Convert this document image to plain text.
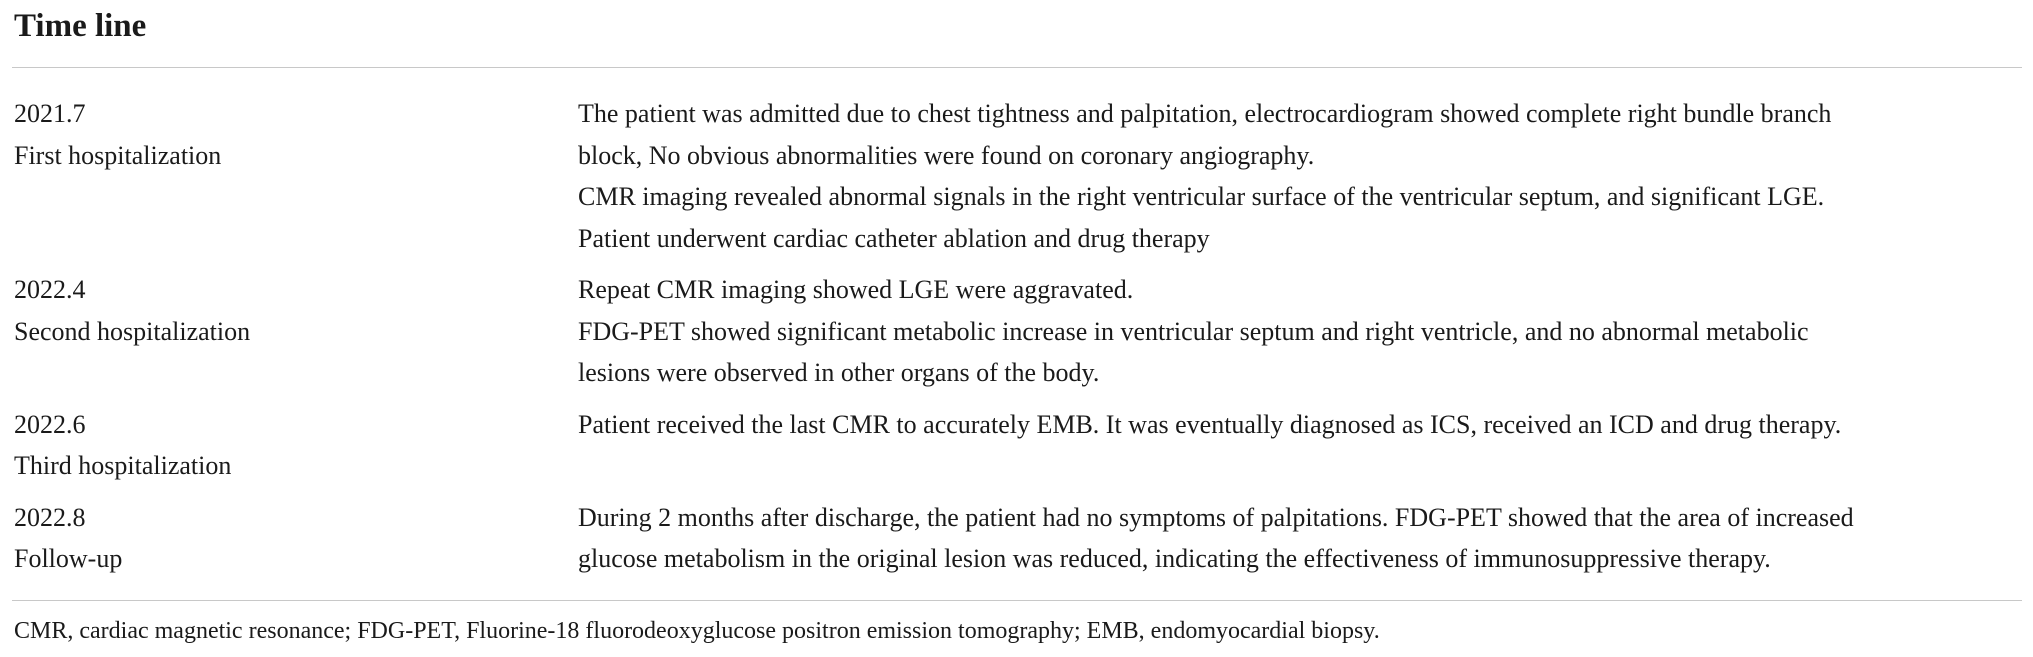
Time line
2021.7
First hospitalization
The patient was admitted due to chest tightness and palpitation, electrocardiogram showed complete right bundle branch
block, No obvious abnormalities were found on coronary angiography.
CMR imaging revealed abnormal signals in the right ventricular surface of the ventricular septum, and significant LGE.
Patient underwent cardiac catheter ablation and drug therapy
2022.4
Second hospitalization
Repeat CMR imaging showed LGE were aggravated.
FDG-PET showed significant metabolic increase in ventricular septum and right ventricle, and no abnormal metabolic
lesions were observed in other organs of the body.
2022.6
Third hospitalization
Patient received the last CMR to accurately EMB. It was eventually diagnosed as ICS, received an ICD and drug therapy.
2022.8
Follow-up
During 2 months after discharge, the patient had no symptoms of palpitations. FDG-PET showed that the area of increased
glucose metabolism in the original lesion was reduced, indicating the effectiveness of immunosuppressive therapy.
CMR, cardiac magnetic resonance; FDG-PET, Fluorine-18 fluorodeoxyglucose positron emission tomography; EMB, endomyocardial biopsy.
